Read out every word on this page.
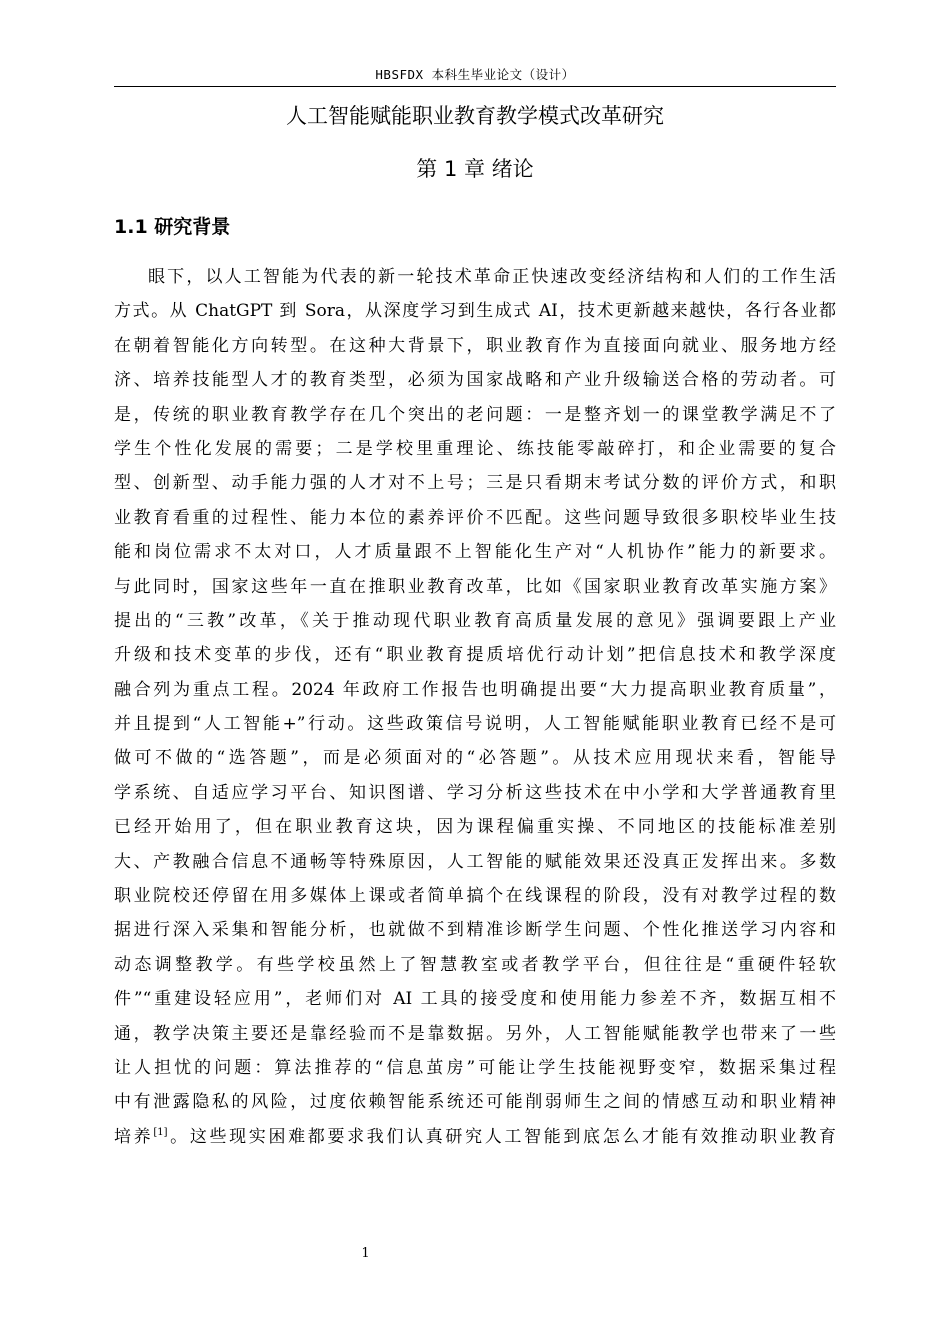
HBSFDX 本科生毕业论文（设计）
人工智能赋能职业教育教学模式改革研究
第 1 章 绪论
1.1 研究背景
眼下，以人工智能为代表的新一轮技术革命正快速改变经济结构和人们的工作生活
方式。从 ChatGPT 到 Sora，从深度学习到生成式 AI，技术更新越来越快，各行各业都
在朝着智能化方向转型。在这种大背景下，职业教育作为直接面向就业、服务地方经
济、培养技能型人才的教育类型，必须为国家战略和产业升级输送合格的劳动者。可
是，传统的职业教育教学存在几个突出的老问题：一是整齐划一的课堂教学满足不了
学生个性化发展的需要；二是学校里重理论、练技能零敲碎打，和企业需要的复合
型、创新型、动手能力强的人才对不上号；三是只看期末考试分数的评价方式，和职
业教育看重的过程性、能力本位的素养评价不匹配。这些问题导致很多职校毕业生技
能和岗位需求不太对口，人才质量跟不上智能化生产对“人机协作”能力的新要求。
与此同时，国家这些年一直在推职业教育改革，比如《国家职业教育改革实施方案》
提出的“三教”改革，《关于推动现代职业教育高质量发展的意见》强调要跟上产业
升级和技术变革的步伐，还有“职业教育提质培优行动计划”把信息技术和教学深度
融合列为重点工程。2024 年政府工作报告也明确提出要“大力提高职业教育质量”，
并且提到“人工智能+”行动。这些政策信号说明，人工智能赋能职业教育已经不是可
做可不做的“选答题”，而是必须面对的“必答题”。从技术应用现状来看，智能导
学系统、自适应学习平台、知识图谱、学习分析这些技术在中小学和大学普通教育里
已经开始用了，但在职业教育这块，因为课程偏重实操、不同地区的技能标准差别
大、产教融合信息不通畅等特殊原因，人工智能的赋能效果还没真正发挥出来。多数
职业院校还停留在用多媒体上课或者简单搞个在线课程的阶段，没有对教学过程的数
据进行深入采集和智能分析，也就做不到精准诊断学生问题、个性化推送学习内容和
动态调整教学。有些学校虽然上了智慧教室或者教学平台，但往往是“重硬件轻软
件”“重建设轻应用”，老师们对 AI 工具的接受度和使用能力参差不齐，数据互相不
通，教学决策主要还是靠经验而不是靠数据。另外，人工智能赋能教学也带来了一些
让人担忧的问题：算法推荐的“信息茧房”可能让学生技能视野变窄，数据采集过程
中有泄露隐私的风险，过度依赖智能系统还可能削弱师生之间的情感互动和职业精神
培养[1]。这些现实困难都要求我们认真研究人工智能到底怎么才能有效推动职业教育
1
